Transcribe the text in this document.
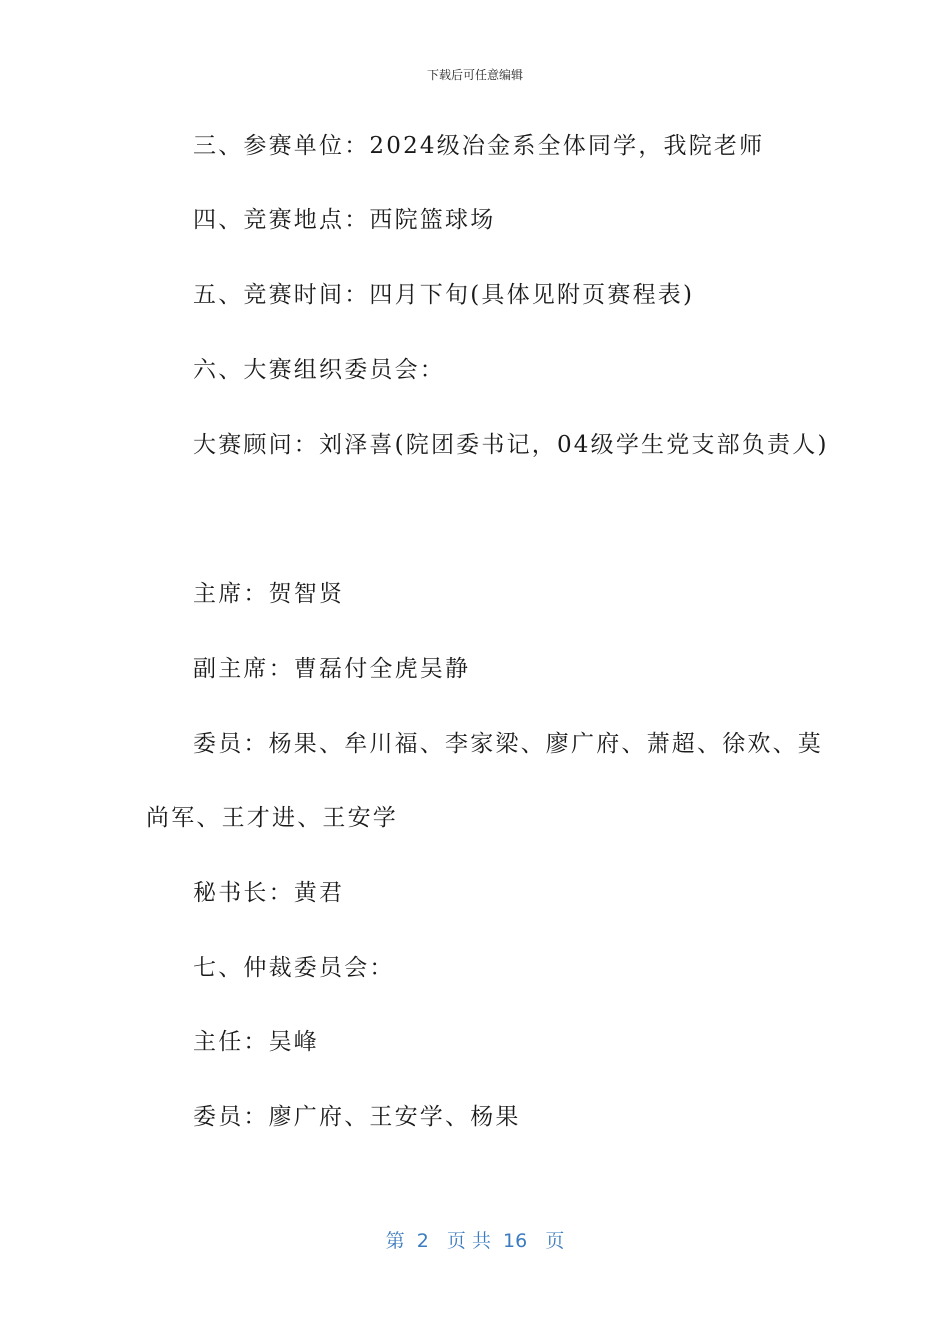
下载后可任意编辑
三、参赛单位：2024级冶金系全体同学，我院老师
四、竞赛地点：西院篮球场
五、竞赛时间：四月下旬(具体见附页赛程表)
六、大赛组织委员会：
大赛顾问：刘泽喜(院团委书记，04级学生党支部负责人)
主席：贺智贤
副主席：曹磊付全虎吴静
委员：杨果、牟川福、李家梁、廖广府、萧超、徐欢、莫
尚军、王才进、王安学
秘书长：黄君
七、仲裁委员会：
主任：吴峰
委员：廖广府、王安学、杨果
第  2   页 共  16   页
